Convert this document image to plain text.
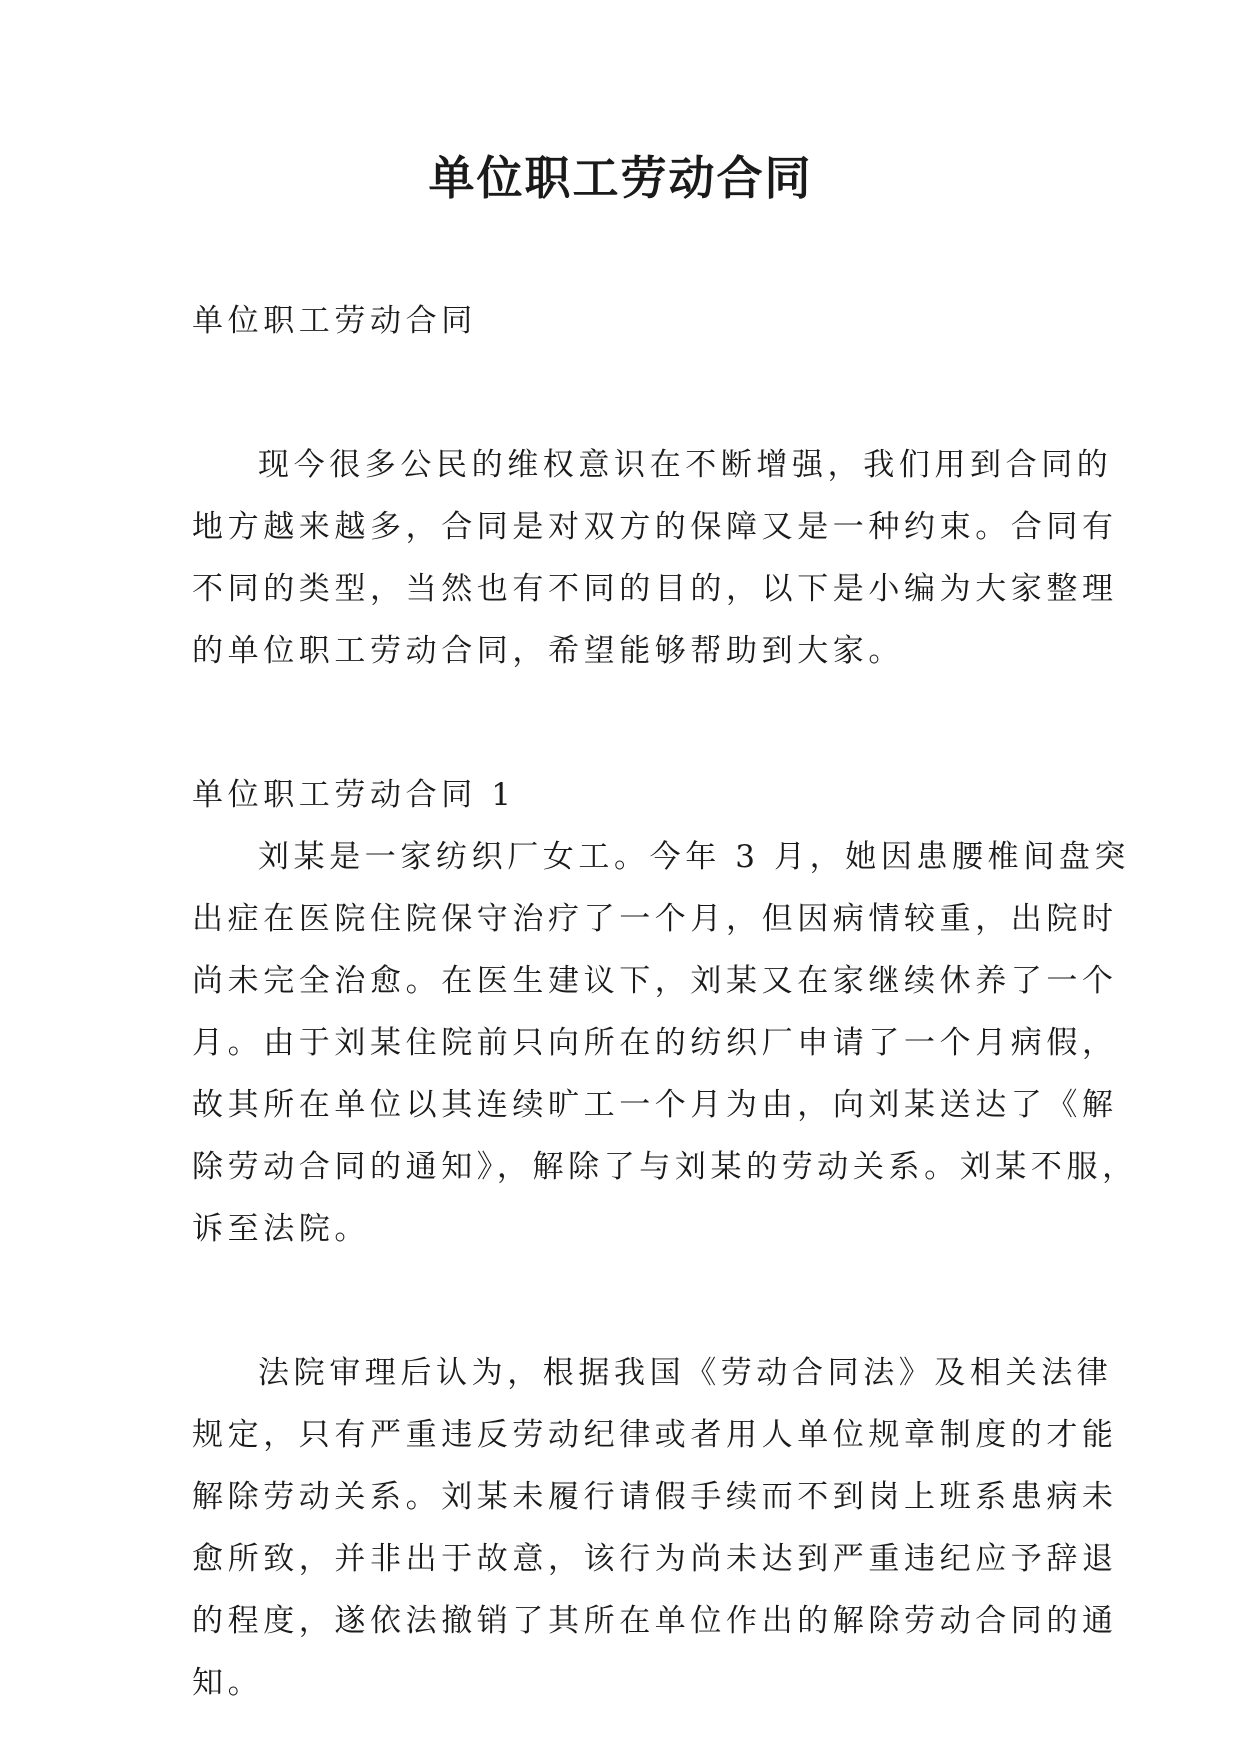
单位职工劳动合同
单位职工劳动合同
现今很多公民的维权意识在不断增强，我们用到合同的
地方越来越多，合同是对双方的保障又是一种约束。合同有
不同的类型，当然也有不同的目的，以下是小编为大家整理
的单位职工劳动合同，希望能够帮助到大家。
单位职工劳动合同 1
刘某是一家纺织厂女工。今年 3 月，她因患腰椎间盘突
出症在医院住院保守治疗了一个月，但因病情较重，出院时
尚未完全治愈。在医生建议下，刘某又在家继续休养了一个
月。由于刘某住院前只向所在的纺织厂申请了一个月病假，
故其所在单位以其连续旷工一个月为由，向刘某送达了《解
除劳动合同的通知》，解除了与刘某的劳动关系。刘某不服，
诉至法院。
法院审理后认为，根据我国《劳动合同法》及相关法律
规定，只有严重违反劳动纪律或者用人单位规章制度的才能
解除劳动关系。刘某未履行请假手续而不到岗上班系患病未
愈所致，并非出于故意，该行为尚未达到严重违纪应予辞退
的程度，遂依法撤销了其所在单位作出的解除劳动合同的通
知。
